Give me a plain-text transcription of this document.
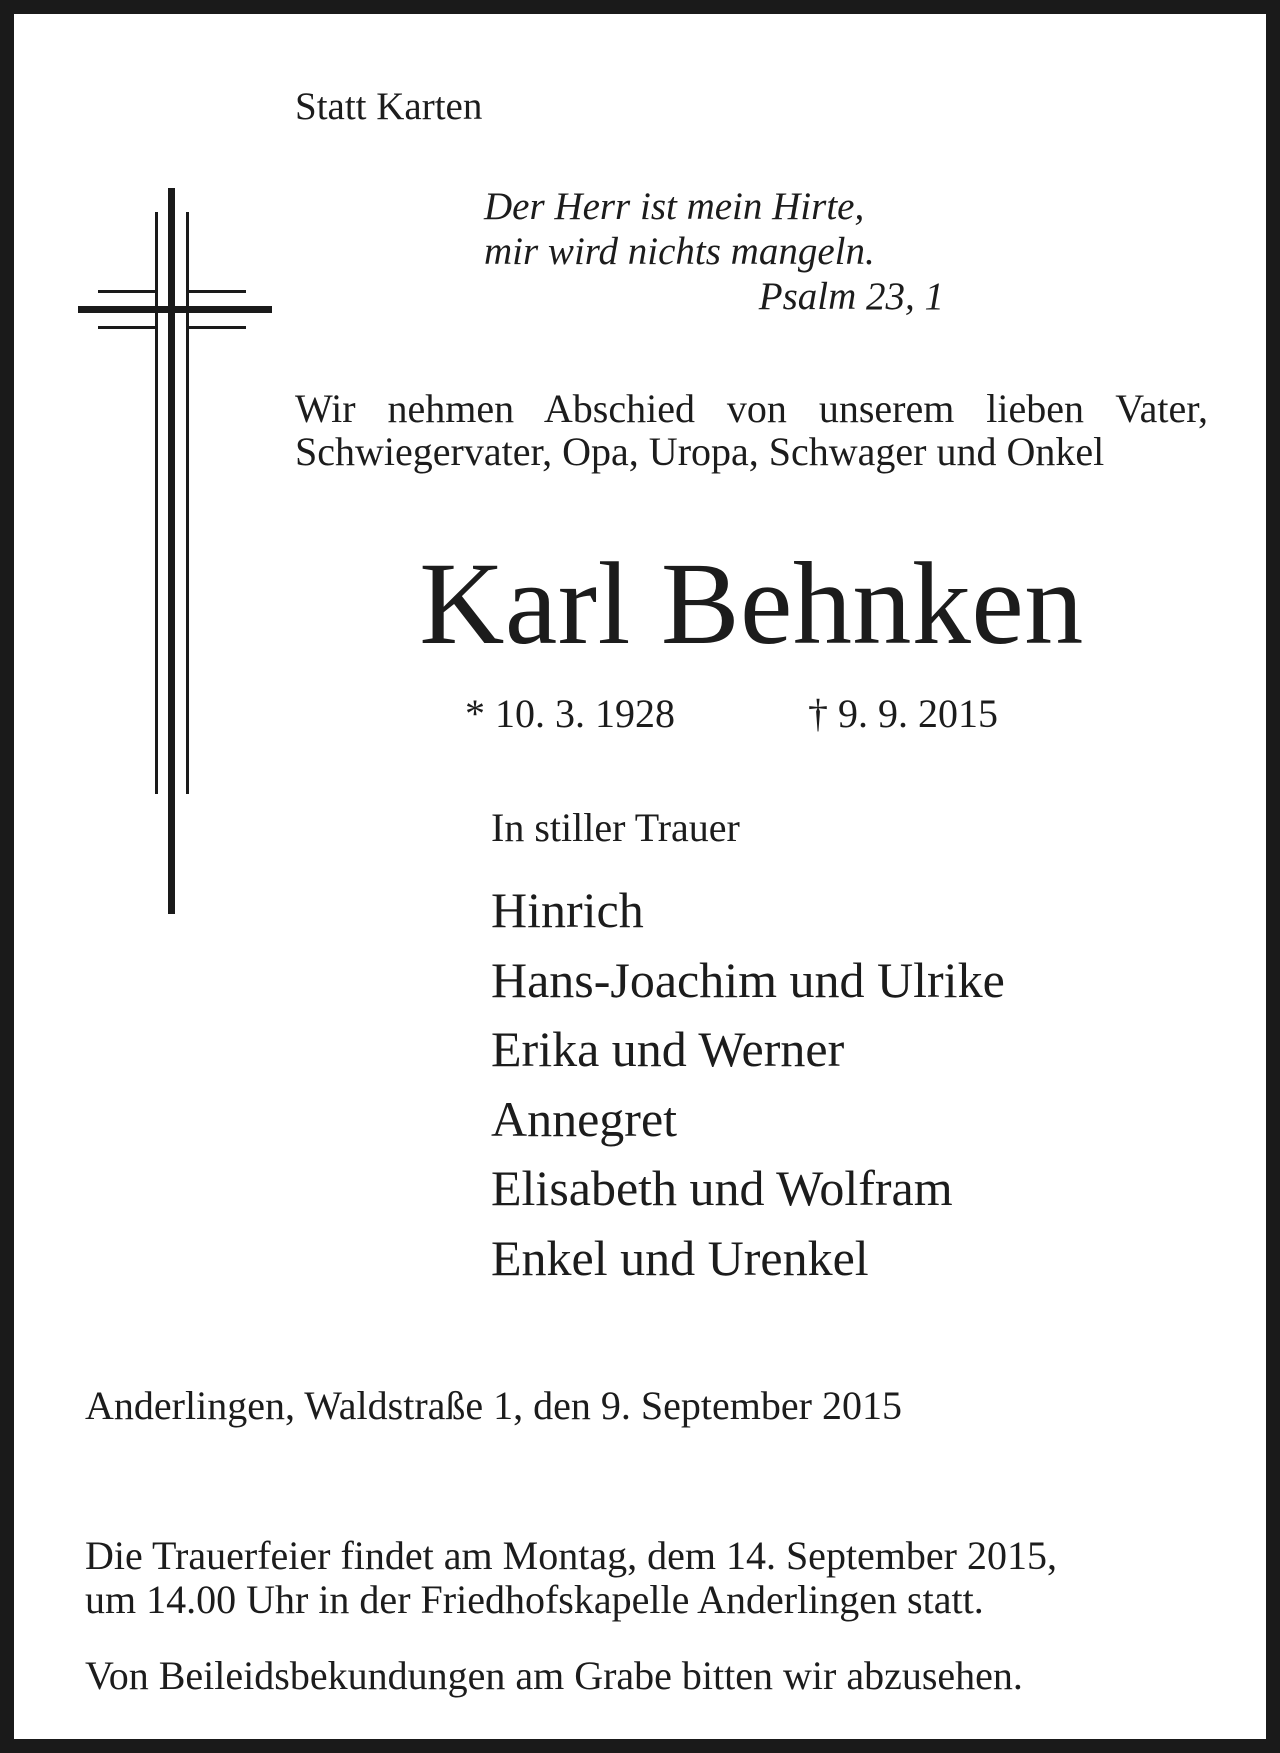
Statt Karten
Der Herr ist mein Hirte,
mir wird nichts mangeln.
Psalm 23, 1
Wir nehmen Abschied von unserem lieben Vater, Schwiegervater, Opa, Uropa, Schwager und Onkel
Karl Behnken
* 10. 3. 1928	† 9. 9. 2015
In stiller Trauer
Hinrich
Hans-Joachim und Ulrike
Erika und Werner
Annegret
Elisabeth und Wolfram
Enkel und Urenkel
Anderlingen, Waldstraße 1, den 9. September 2015
Die Trauerfeier findet am Montag, dem 14. September 2015,
um 14.00 Uhr in der Friedhofskapelle Anderlingen statt.
Von Beileidsbekundungen am Grabe bitten wir abzusehen.
